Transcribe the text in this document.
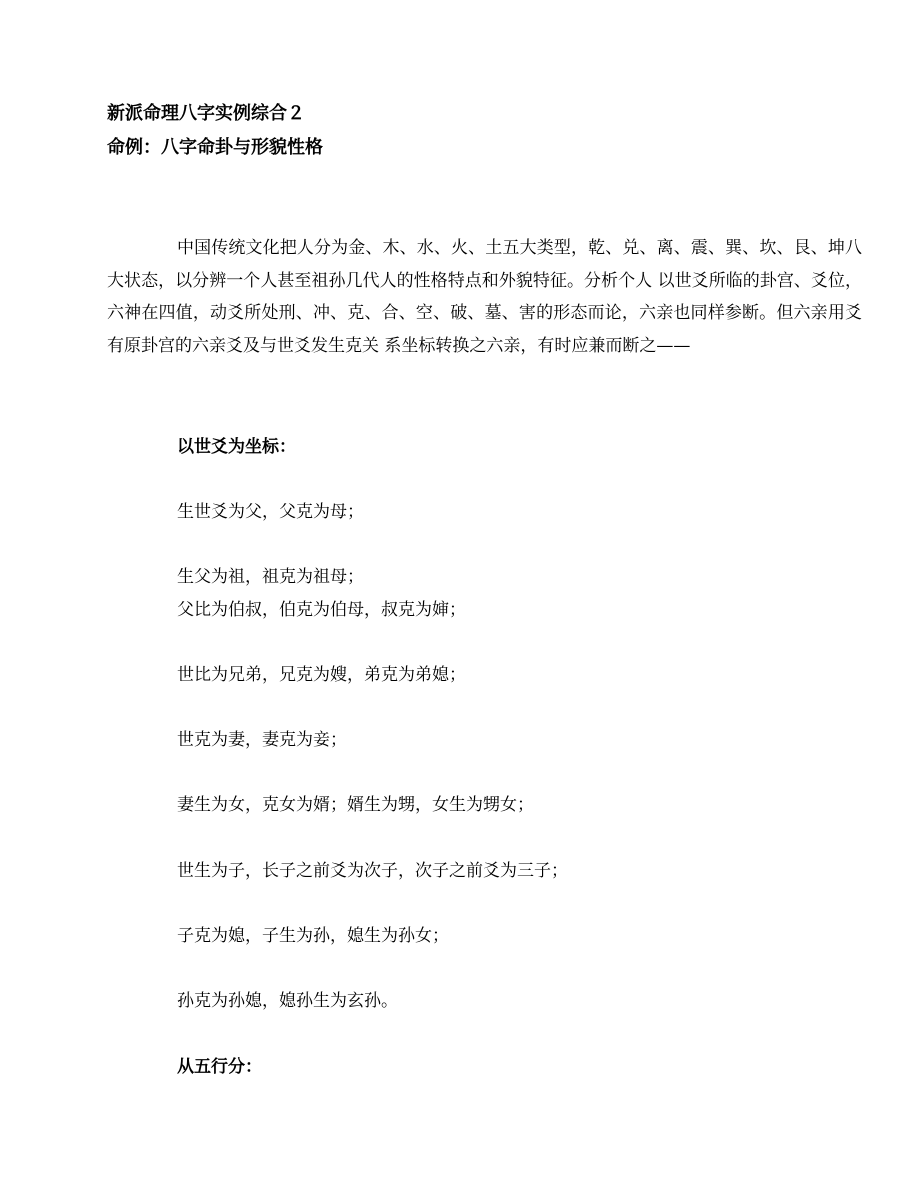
新派命理八字实例综合２
命例：八字命卦与形貌性格

中国传统文化把人分为金、木、水、火、土五大类型，乾、兑、离、震、巽、坎、艮、坤八大状态，以分辨一个人甚至祖孙几代人的性格特点和外貌特征。分析个人 以世爻所临的卦宫、爻位，六神在四值，动爻所处刑、冲、克、合、空、破、墓、害的形态而论，六亲也同样参断。但六亲用爻有原卦宫的六亲爻及与世爻发生克关 系坐标转换之六亲，有时应兼而断之——

以世爻为坐标：
生世爻为父，父克为母；
生父为祖，祖克为祖母；
父比为伯叔，伯克为伯母，叔克为婶；
世比为兄弟，兄克为嫂，弟克为弟媳；
世克为妻，妻克为妾；
妻生为女，克女为婿；婿生为甥，女生为甥女；
世生为子，长子之前爻为次子，次子之前爻为三子；
子克为媳，子生为孙，媳生为孙女；
孙克为孙媳，媳孙生为玄孙。
从五行分：
